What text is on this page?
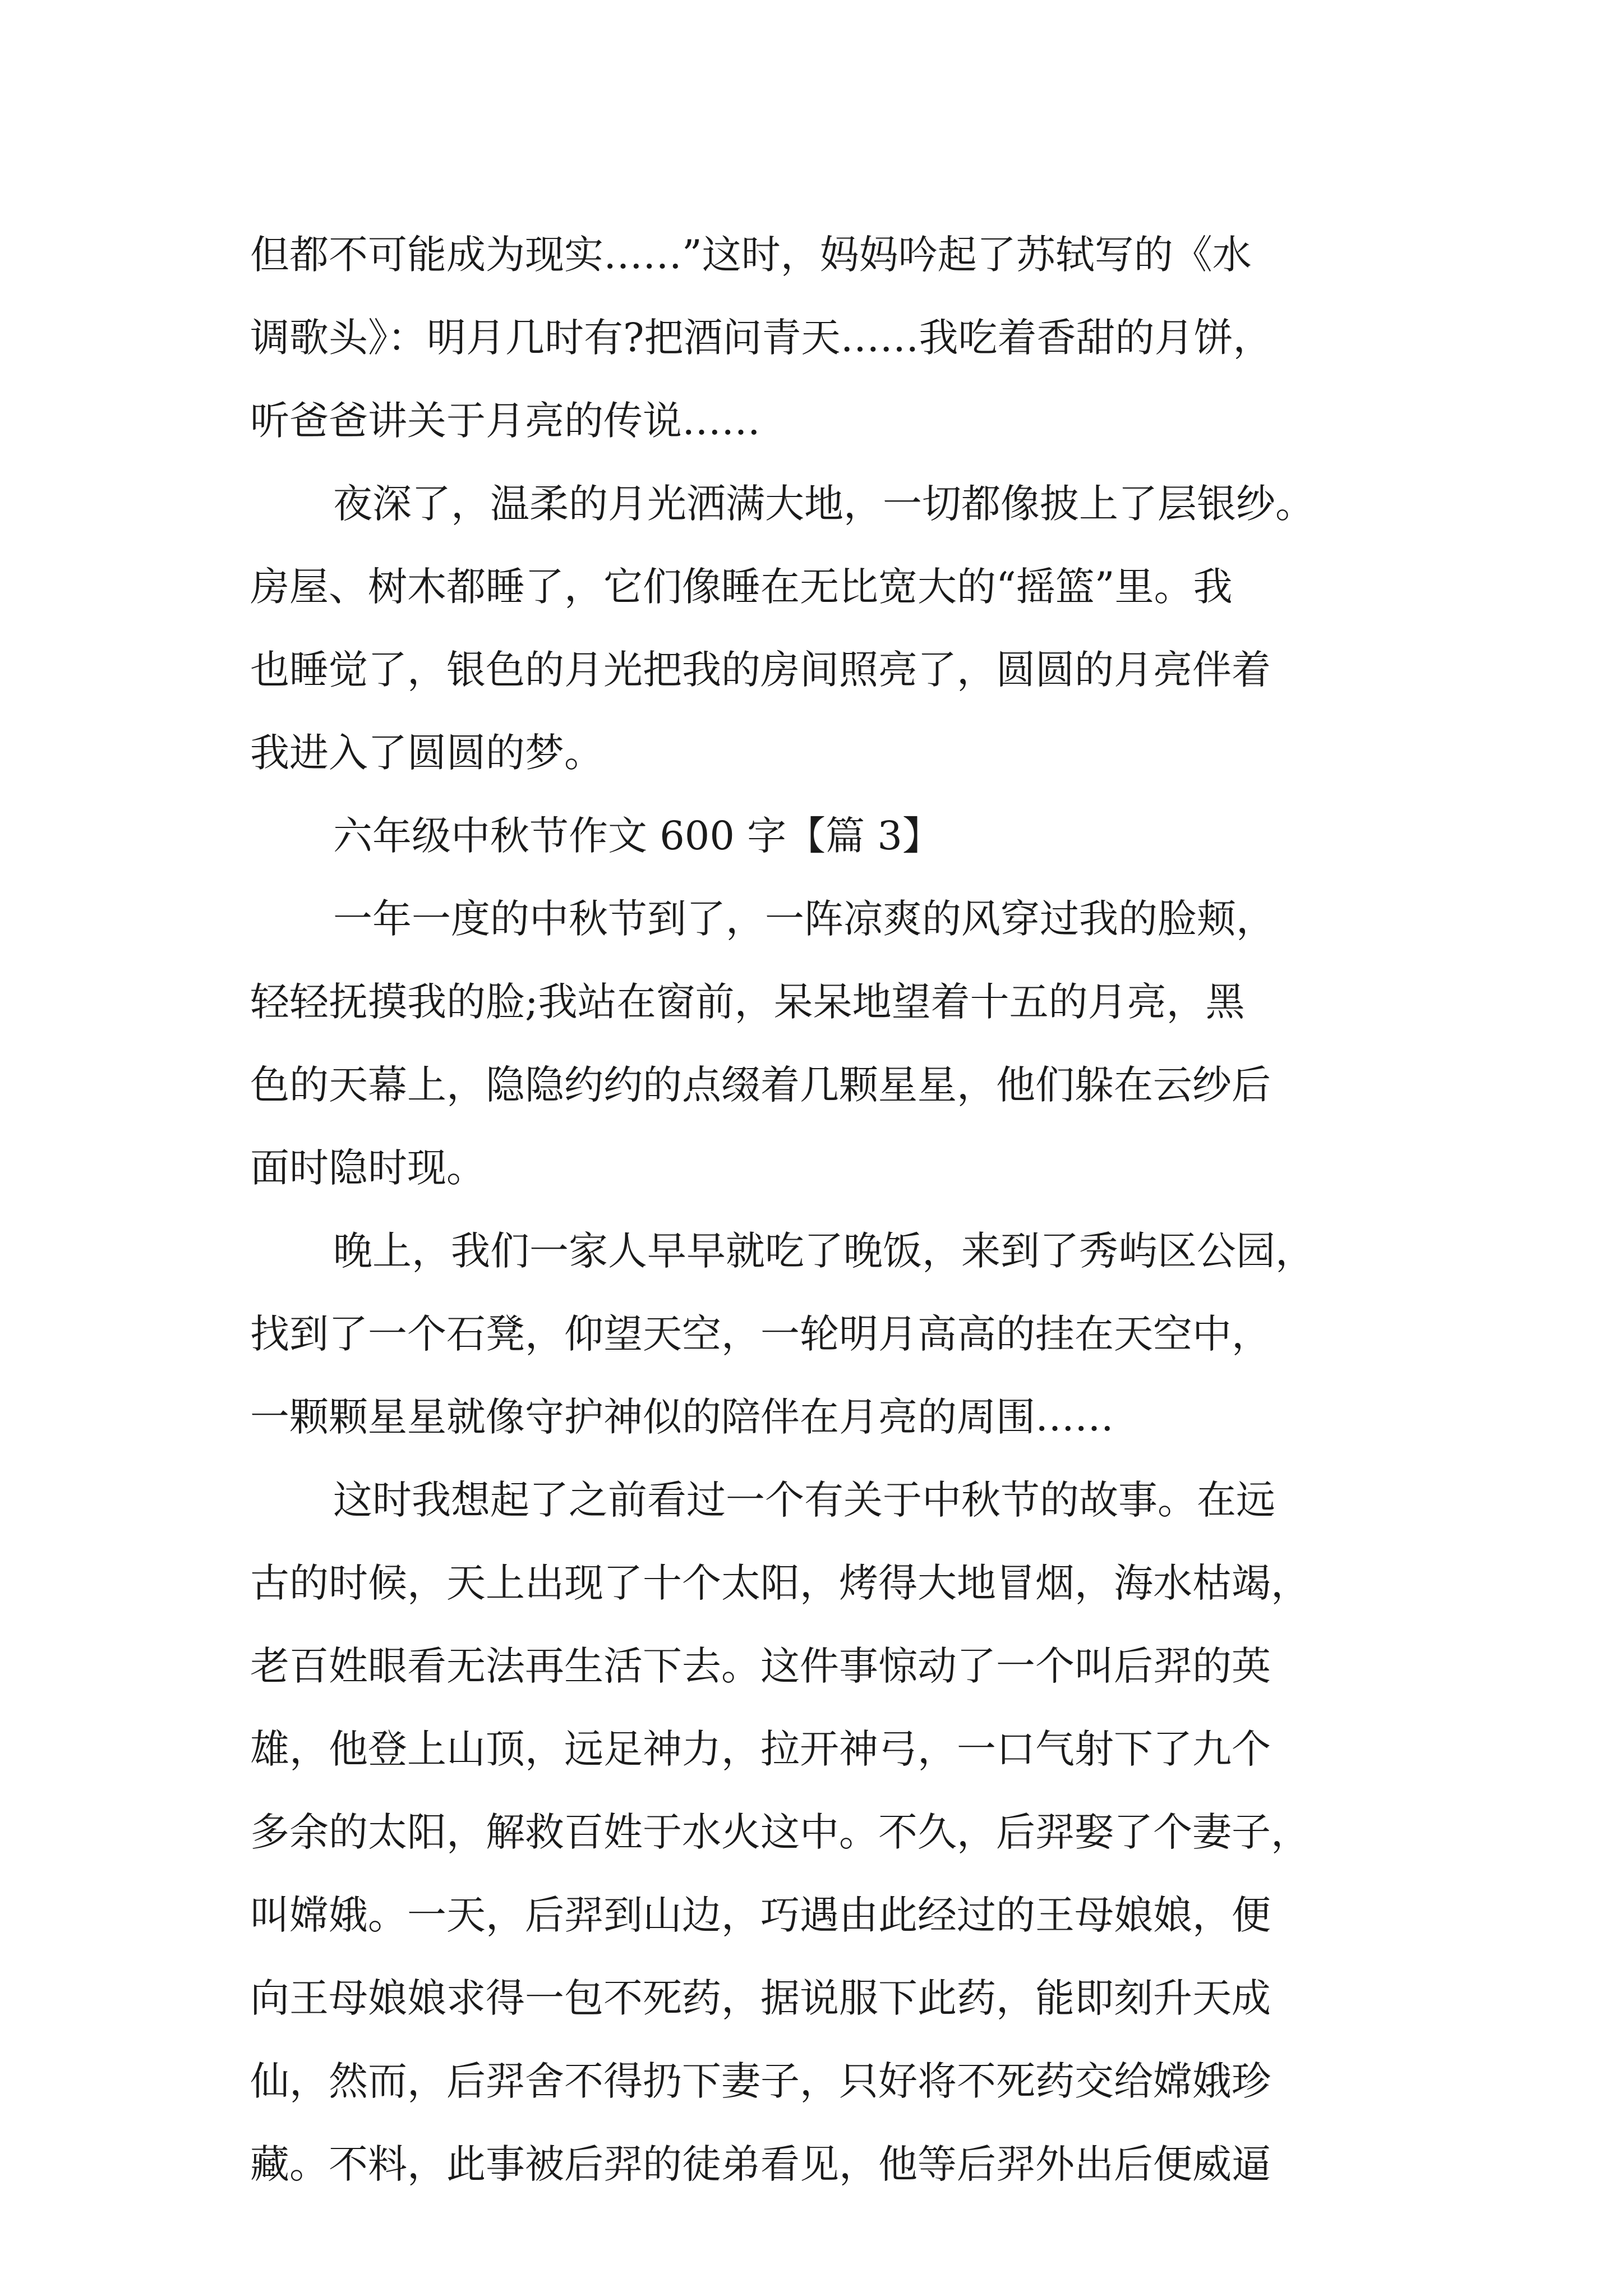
但都不可能成为现实……”这时，妈妈吟起了苏轼写的《水
调歌头》：明月几时有?把酒问青天……我吃着香甜的月饼，
听爸爸讲关于月亮的传说……
夜深了，温柔的月光洒满大地，一切都像披上了层银纱。
房屋、树木都睡了，它们像睡在无比宽大的“摇篮”里。我
也睡觉了，银色的月光把我的房间照亮了，圆圆的月亮伴着
我进入了圆圆的梦。
六年级中秋节作文 600 字【篇 3】
一年一度的中秋节到了，一阵凉爽的风穿过我的脸颊，
轻轻抚摸我的脸;我站在窗前，呆呆地望着十五的月亮，黑
色的天幕上，隐隐约约的点缀着几颗星星，他们躲在云纱后
面时隐时现。
晚上，我们一家人早早就吃了晚饭，来到了秀屿区公园，
找到了一个石凳，仰望天空，一轮明月高高的挂在天空中，
一颗颗星星就像守护神似的陪伴在月亮的周围……
这时我想起了之前看过一个有关于中秋节的故事。在远
古的时候，天上出现了十个太阳，烤得大地冒烟，海水枯竭，
老百姓眼看无法再生活下去。这件事惊动了一个叫后羿的英
雄，他登上山顶，远足神力，拉开神弓，一口气射下了九个
多余的太阳，解救百姓于水火这中。不久，后羿娶了个妻子，
叫嫦娥。一天，后羿到山边，巧遇由此经过的王母娘娘，便
向王母娘娘求得一包不死药，据说服下此药，能即刻升天成
仙，然而，后羿舍不得扔下妻子，只好将不死药交给嫦娥珍
藏。不料，此事被后羿的徒弟看见，他等后羿外出后便威逼
